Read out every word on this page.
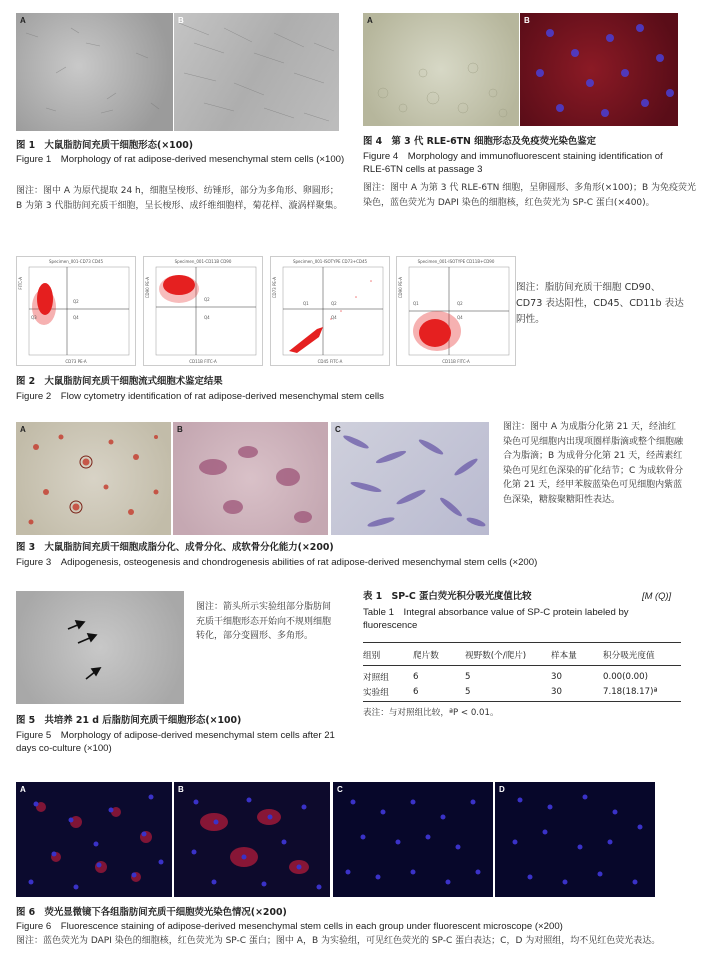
A	B
图 1　大鼠脂肪间充质干细胞形态(×100)
Figure 1　Morphology of rat adipose-derived mesenchymal stem cells (×100)
图注：图中 A 为原代提取 24 h，细胞呈梭形、纺锤形，部分为多角形、卵圆形；B 为第 3 代脂肪间充质干细胞，呈长梭形、成纤维细胞样，菊花样、漩涡样聚集。
A	B
图 4　第 3 代 RLE-6TN 细胞形态及免疫荧光染色鉴定
Figure 4　Morphology and immunofluorescent staining identification of RLE-6TN cells at passage 3
图注：图中 A 为第 3 代 RLE-6TN 细胞，呈卵圆形、多角形(×100)；B 为免疫荧光染色，蓝色荧光为 DAPI 染色的细胞核，红色荧光为 SP-C 蛋白(×400)。
Specimen_001-CD73 CD45
FITC-A
CD73 PE-A
Q2
Q4
Q3
Specimen_001-CD11B CD90
CD90 PE-A
CD11B FITC-A
Q2
Q4
Specimen_001-ISOTYPE CD73+CD45
CD73 PE-A
CD45 FITC-A
Q1	Q2
Q4
Specimen_001-ISOTYPE CD11B+CD90
CD90 PE-A
CD11B FITC-A
Q1	Q2
Q4
图注：脂肪间充质干细胞 CD90、CD73 表达阳性，CD45、CD11b 表达阴性。
图 2　大鼠脂肪间充质干细胞流式细胞术鉴定结果
Figure 2　Flow cytometry identification of rat adipose-derived mesenchymal stem cells
A	B	C	图注：图中 A 为成脂分化第 21 天，经油红染色可见细胞内出现项圈样脂滴或整个细胞融合为脂滴；B 为成骨分化第 21 天，经茜素红染色可见红色深染的矿化结节；C 为成软骨分化第 21 天，经甲苯胺蓝染色可见细胞内紫蓝色深染，糖胺聚糖阳性表达。
图 3　大鼠脂肪间充质干细胞成脂分化、成骨分化、成软骨分化能力(×200)
Figure 3　Adipogenesis, osteogenesis and chondrogenesis abilities of rat adipose-derived mesenchymal stem cells (×200)
图注：箭头所示实验组部分脂肪间充质干细胞形态开始向不规则细胞转化，部分变圆形、多角形。
图 5　共培养 21 d 后脂肪间充质干细胞形态(×100)
Figure 5　Morphology of adipose-derived mesenchymal stem cells after 21 days co-culture (×100)
表 1　SP-C 蛋白荧光积分吸光度值比较	[M (Q)]
Table 1　Integral absorbance value of SP-C protein labeled by fluorescence
组别	爬片数	视野数(个/爬片)	样本量	积分吸光度值
对照组	6	5	30	0.00(0.00)
实验组	6	5	30	7.18(18.17)ª
表注：与对照组比较，ªP < 0.01。
A	B	C	D
图 6　荧光显微镜下各组脂肪间充质干细胞荧光染色情况(×200)
Figure 6　Fluorescence staining of adipose-derived mesenchymal stem cells in each group under fluorescent microscope (×200)
图注：蓝色荧光为 DAPI 染色的细胞核，红色荧光为 SP-C 蛋白；图中 A，B 为实验组，可见红色荧光的 SP-C 蛋白表达；C，D 为对照组，均不见红色荧光表达。
